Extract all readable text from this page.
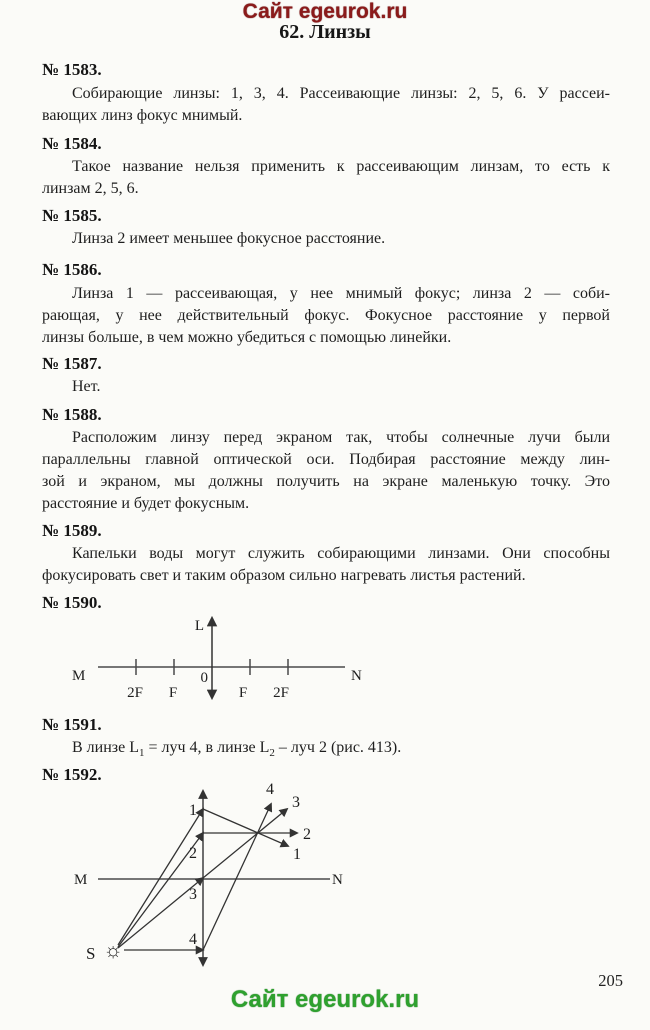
Сайт egeurok.ru
62. Линзы
№ 1583.
Собирающие линзы: 1, 3, 4. Рассеивающие линзы: 2, 5, 6. У рассеи-
вающих линз фокус мнимый.
№ 1584.
Такое название нельзя применить к рассеивающим линзам, то есть к
линзам 2, 5, 6.
№ 1585.
Линза 2 имеет меньшее фокусное расстояние.
№ 1586.
Линза 1 — рассеивающая, у нее мнимый фокус; линза 2 — соби-
рающая, у нее действительный фокус. Фокусное расстояние у первой
линзы больше, в чем можно убедиться с помощью линейки.
№ 1587.
Нет.
№ 1588.
Расположим линзу перед экраном так, чтобы солнечные лучи были
параллельны главной оптической оси. Подбирая расстояние между лин-
зой и экраном, мы должны получить на экране маленькую точку. Это
расстояние и будет фокусным.
№ 1589.
Капельки воды могут служить собирающими линзами. Они способны
фокусировать свет и таким образом сильно нагревать листья растений.
№ 1590.
L
M	N
0
2F F	F 2F
№ 1591.
В линзе $L_1$ = луч 4, в линзе $L_2$ – луч 2 (рис. 413).
№ 1592.
M	N
S ☼
1
2
3
4
4
3
2
1
205
Сайт egeurok.ru
